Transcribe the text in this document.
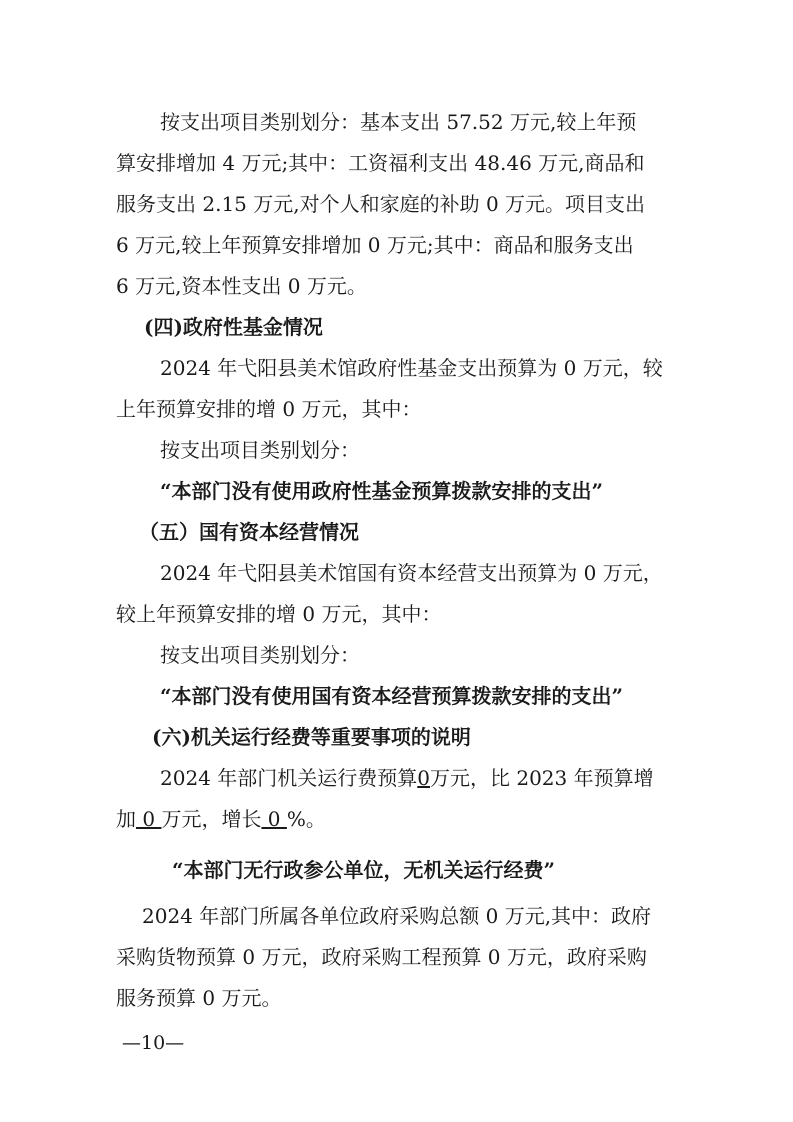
按支出项目类别划分：基本支出 57.52 万元,较上年预
算安排增加 4 万元;其中：工资福利支出 48.46 万元,商品和
服务支出 2.15 万元,对个人和家庭的补助 0 万元。项目支出
6 万元,较上年预算安排增加 0 万元;其中：商品和服务支出
6 万元,资本性支出 0 万元。
(四)政府性基金情况
2024 年弋阳县美术馆政府性基金支出预算为 0 万元，较
上年预算安排的增 0 万元，其中：
按支出项目类别划分：
“本部门没有使用政府性基金预算拨款安排的支出”
（五）国有资本经营情况
2024 年弋阳县美术馆国有资本经营支出预算为 0 万元，
较上年预算安排的增 0 万元，其中：
按支出项目类别划分：
“本部门没有使用国有资本经营预算拨款安排的支出”
(六)机关运行经费等重要事项的说明
2024 年部门机关运行费预算0万元，比 2023 年预算增
加 0 万元，增长 0 %。
“本部门无行政参公单位，无机关运行经费”
2024 年部门所属各单位政府采购总额 0 万元,其中：政府
采购货物预算 0 万元，政府采购工程预算 0 万元，政府采购
服务预算 0 万元。
—10—
